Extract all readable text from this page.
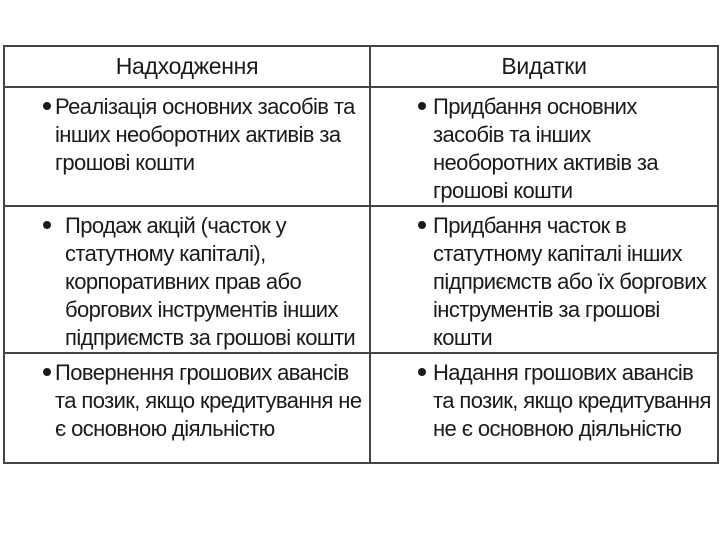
Надходження	Видатки

Реалізація основних засобів та інших необоротних активів за грошові кошти	Придбання основних засобів та інших необоротних активів за грошові кошти

Продаж акцій (часток у статутному капіталі), корпоративних прав або боргових інструментів інших підприємств за грошові кошти	Придбання часток в статутному капіталі інших підприємств або їх боргових інструментів за грошові кошти

Повернення грошових авансів та позик, якщо кредитування не є основною діяльністю	Надання грошових авансів та позик, якщо кредитування не є основною діяльністю
